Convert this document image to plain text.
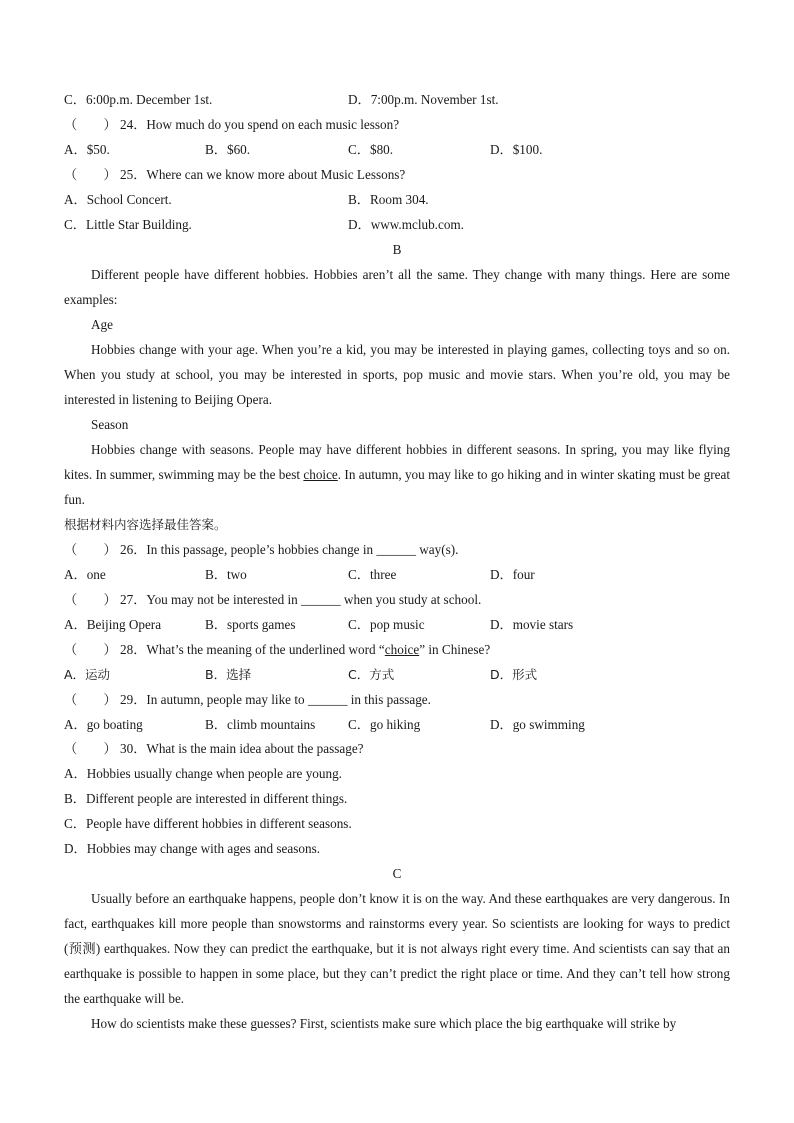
C．6:00p.m. December 1st.	D．7:00p.m. November 1st.
（　　） 24．How much do you spend on each music lesson?
A．$50.	B．$60.	C．$80.	D．$100.
（　　） 25．Where can we know more about Music Lessons?
A．School Concert.	B．Room 304.
C．Little Star Building.	D．www.mclub.com.
B
Different people have different hobbies. Hobbies aren’t all the same. They change with many things. Here are some examples:
Age
Hobbies change with your age. When you’re a kid, you may be interested in playing games, collecting toys and so on. When you study at school, you may be interested in sports, pop music and movie stars. When you’re old, you may be interested in listening to Beijing Opera.
Season
Hobbies change with seasons. People may have different hobbies in different seasons. In spring, you may like flying kites. In summer, swimming may be the best choice. In autumn, you may like to go hiking and in winter skating must be great fun.
根据材料内容选择最佳答案。
（　　） 26．In this passage, people’s hobbies change in ______ way(s).
A．one	B．two	C．three	D．four
（　　） 27．You may not be interested in ______ when you study at school.
A．Beijing Opera	B．sports games	C．pop music	D．movie stars
（　　） 28．What’s the meaning of the underlined word “choice” in Chinese?
A．运动	B．选择	C．方式	D．形式
（　　） 29．In autumn, people may like to ______ in this passage.
A．go boating	B．climb mountains C．go hiking	D．go swimming
（　　） 30．What is the main idea about the passage?
A．Hobbies usually change when people are young.
B．Different people are interested in different things.
C．People have different hobbies in different seasons.
D．Hobbies may change with ages and seasons.
C
Usually before an earthquake happens, people don’t know it is on the way. And these earthquakes are very dangerous. In fact, earthquakes kill more people than snowstorms and rainstorms every year. So scientists are looking for ways to predict (预测) earthquakes. Now they can predict the earthquake, but it is not always right every time. And scientists can say that an earthquake is possible to happen in some place, but they can’t predict the right place or time. And they can’t tell how strong the earthquake will be.
How do scientists make these guesses? First, scientists make sure which place the big earthquake will strike by
